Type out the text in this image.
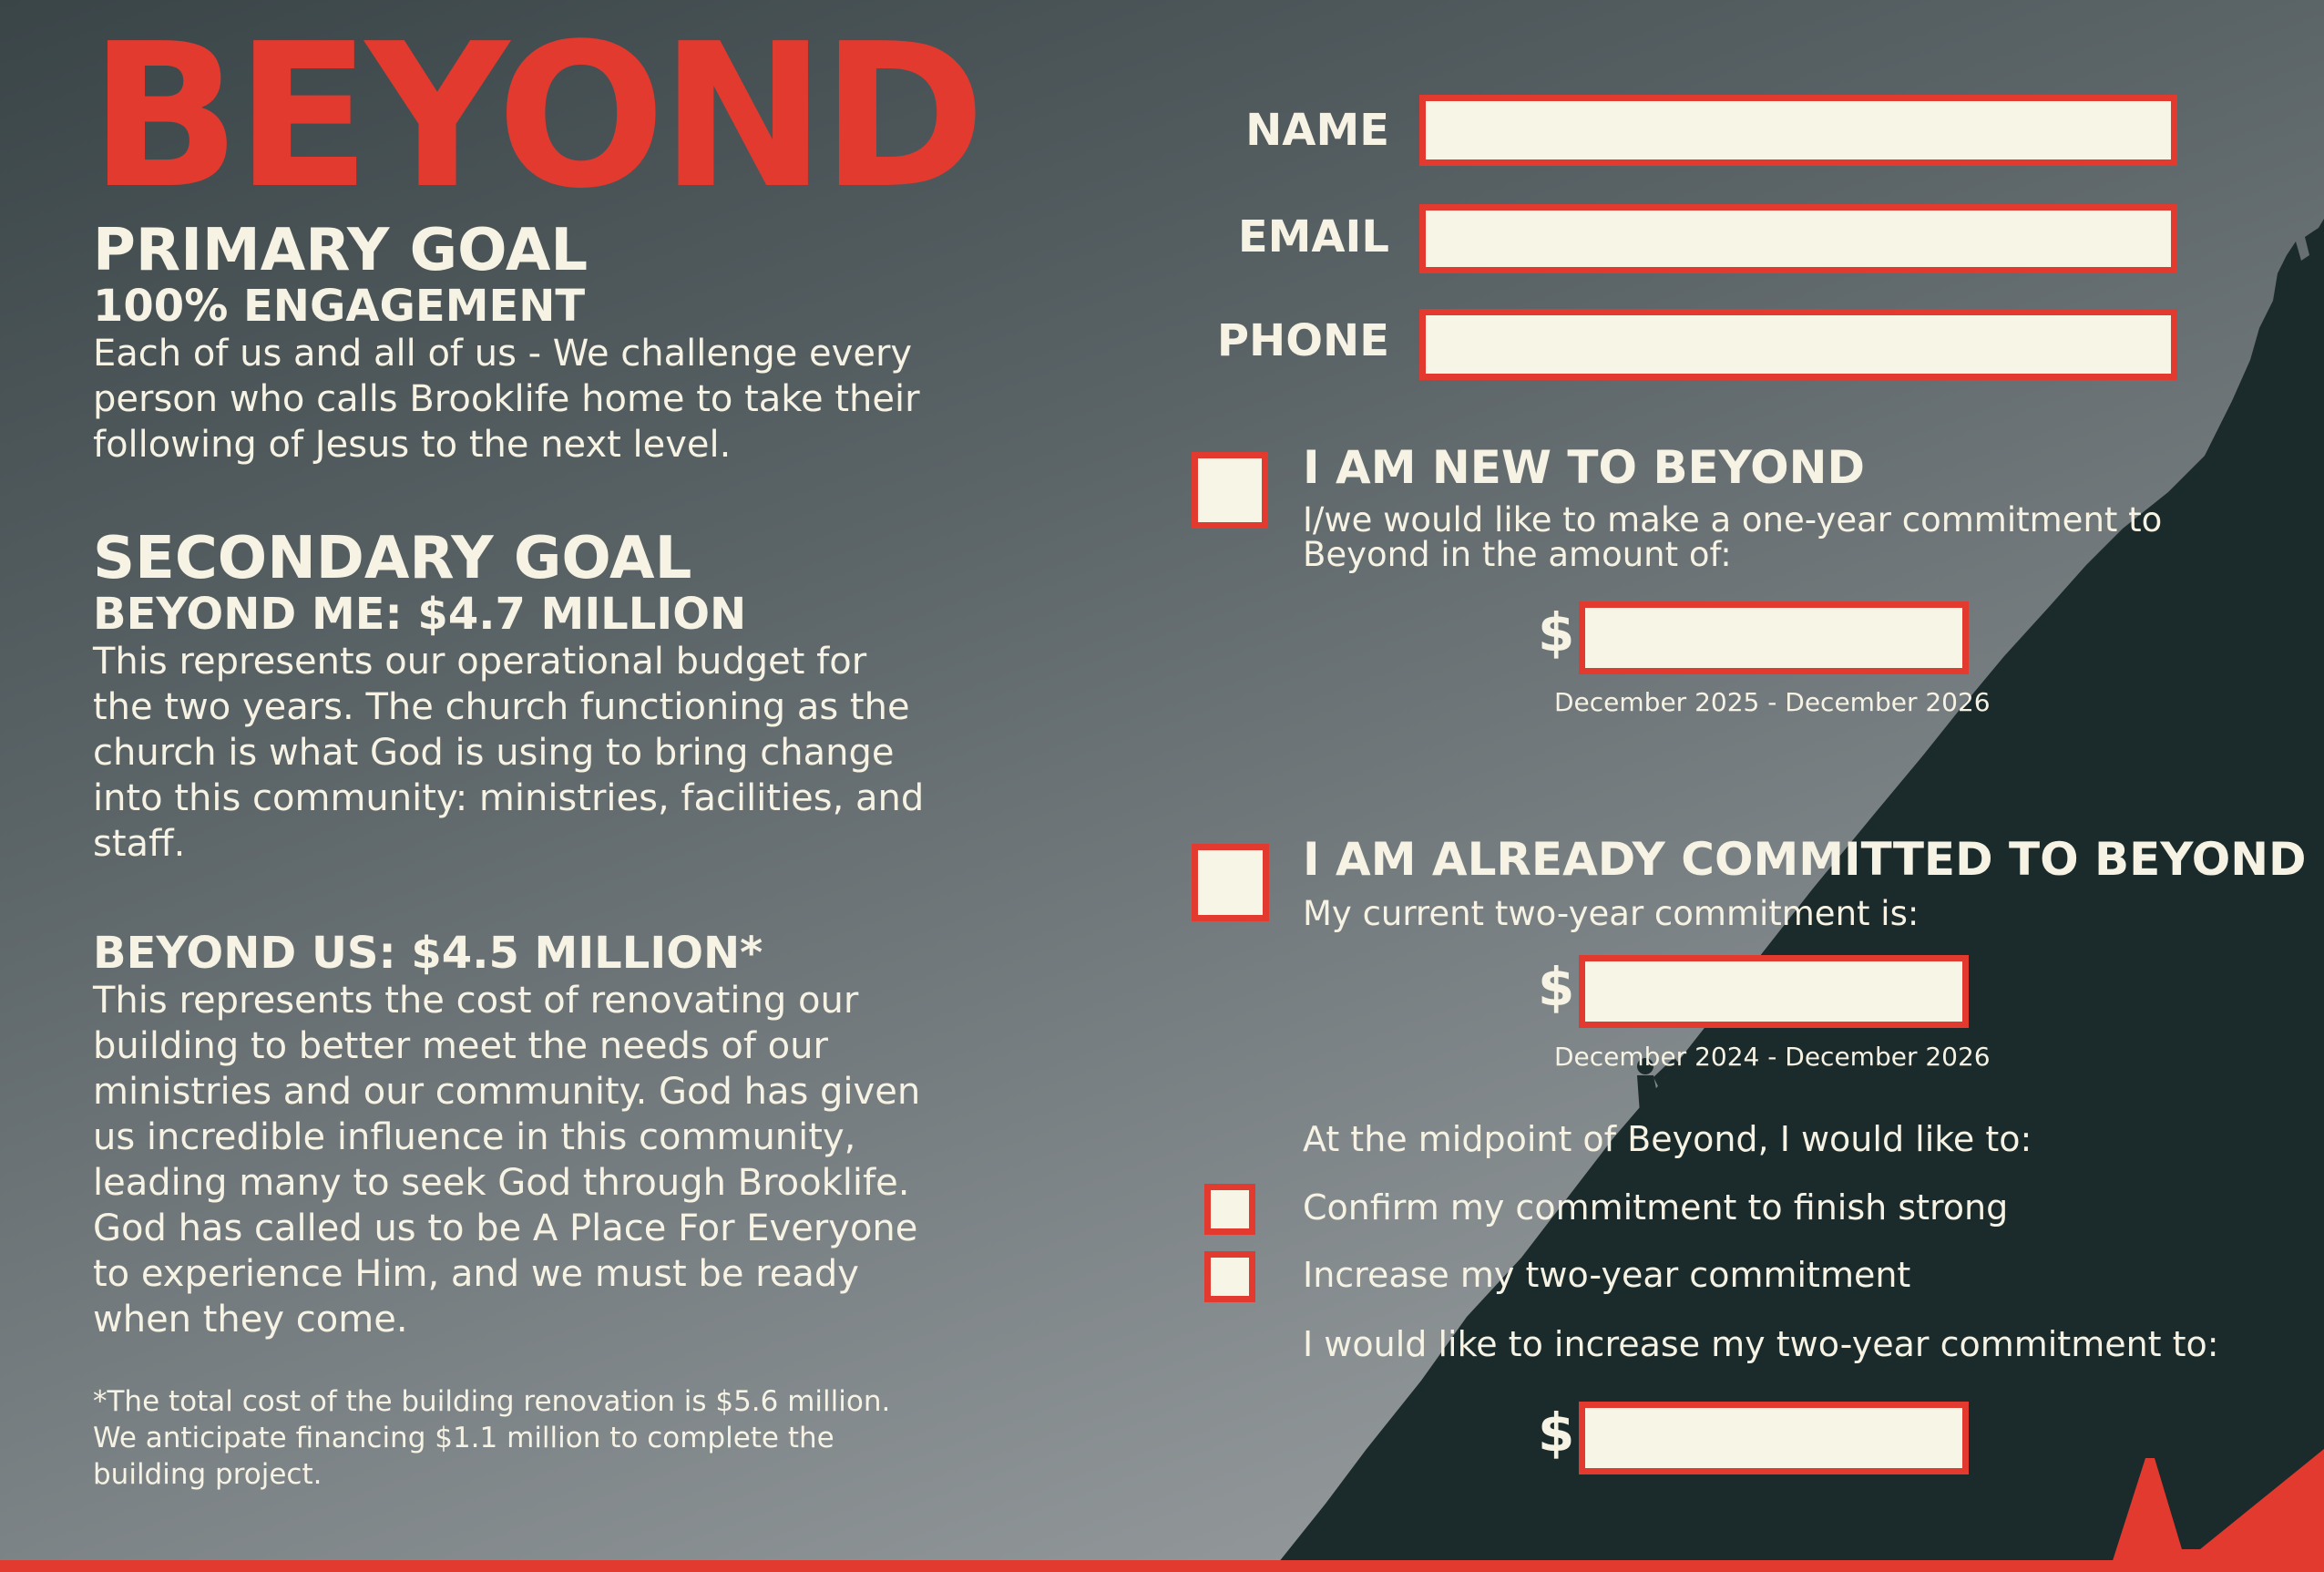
BEYOND
PRIMARY GOAL
100% ENGAGEMENT

Each of us and all of us - We challenge every
person who calls Brooklife home to take their
following of Jesus to the next level.

SECONDARY GOAL
BEYOND ME: $4.7 MILLION

This represents our operational budget for
the two years. The church functioning as the
church is what God is using to bring change
into this community: ministries, facilities, and
staff.

BEYOND US: $4.5 MILLION*

This represents the cost of renovating our
building to better meet the needs of our
ministries and our community. God has given
us incredible influence in this community,
leading many to seek God through Brooklife.
God has called us to be A Place For Everyone
to experience Him, and we must be ready
when they come.

*The total cost of the building renovation is $5.6 million.
We anticipate financing $1.1 million to complete the
building project.

NAME
EMAIL
PHONE
I AM NEW TO BEYOND
I/we would like to make a one-year commitment to
Beyond in the amount of:
$
December 2025 - December 2026
I AM ALREADY COMMITTED TO BEYOND
My current two-year commitment is:
$
December 2024 - December 2026
At the midpoint of Beyond, I would like to:
Confirm my commitment to finish strong
Increase my two-year commitment
I would like to increase my two-year commitment to:
$
